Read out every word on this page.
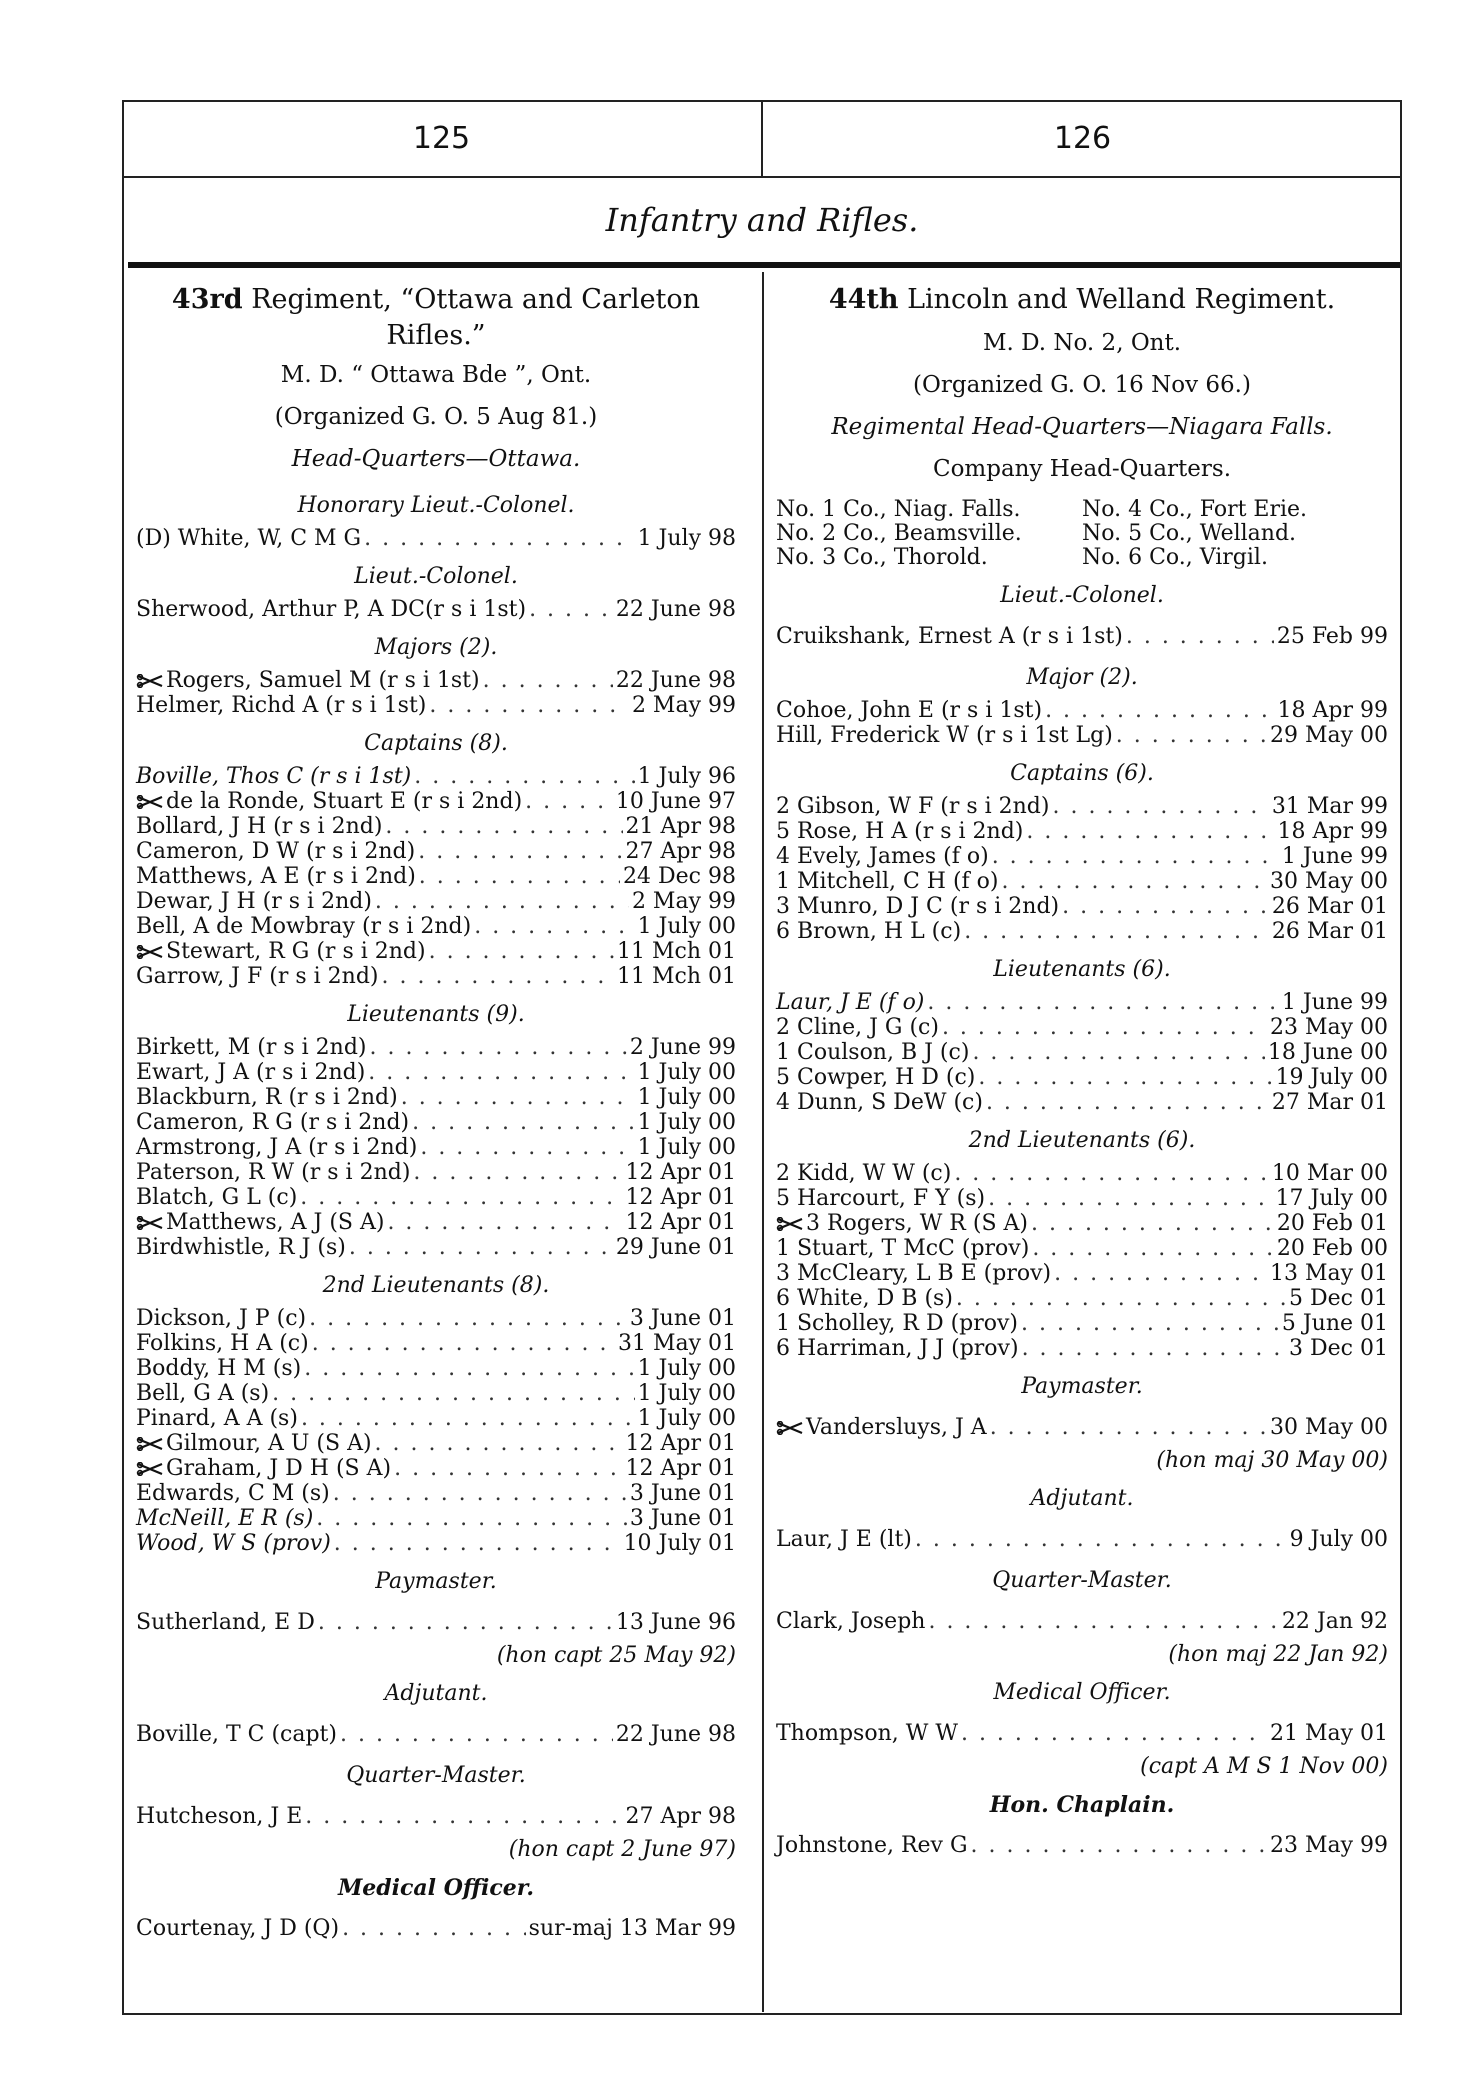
125	126
Infantry and Rifles.

43rd Regiment, “Ottawa and Carleton

Rifles.”

M. D. “ Ottawa Bde ”, Ont.
(Organized G. O. 5 Aug 81.)
Head-Quarters—Ottawa.
Honorary Lieut.-Colonel.
(D) White, W, C M G . . .	1 July 98
Lieut.-Colonel.
Sherwood, Arthur P, A DC(r s i 1st) . . .	22 June 98
Majors (2).
Rogers, Samuel M (r s i 1st) . . .	22 June 98
Helmer, Richd A (r s i 1st) . . .	2 May 99
Captains (8).
Boville, Thos C (r s i 1st) . . .	1 July 96
de la Ronde, Stuart E (r s i 2nd) . . .	10 June 97
Bollard, J H (r s i 2nd) . . .	21 Apr 98
Cameron, D W (r s i 2nd) . . .	27 Apr 98
Matthews, A E (r s i 2nd) . . .	24 Dec 98
Dewar, J H (r s i 2nd) . . .	2 May 99
Bell, A de Mowbray (r s i 2nd) . . .	1 July 00
Stewart, R G (r s i 2nd) . . .	11 Mch 01
Garrow, J F (r s i 2nd) . . .	11 Mch 01
Lieutenants (9).
Birkett, M (r s i 2nd) . . .	2 June 99
Ewart, J A (r s i 2nd) . . .	1 July 00
Blackburn, R (r s i 2nd) . . .	1 July 00
Cameron, R G (r s i 2nd) . . .	1 July 00
Armstrong, J A (r s i 2nd) . . .	1 July 00
Paterson, R W (r s i 2nd) . . .	12 Apr 01
Blatch, G L (c) . . .	12 Apr 01
Matthews, A J (S A) . . .	12 Apr 01
Birdwhistle, R J (s) . . .	29 June 01
2nd Lieutenants (8).
Dickson, J P (c) . . .	3 June 01
Folkins, H A (c) . . .	31 May 01
Boddy, H M (s) . . .	1 July 00
Bell, G A (s) . . .	1 July 00
Pinard, A A (s) . . .	1 July 00
Gilmour, A U (S A) . . .	12 Apr 01
Graham, J D H (S A) . . .	12 Apr 01
Edwards, C M (s) . . .	3 June 01
McNeill, E R (s) . . .	3 June 01
Wood, W S (prov) . . .	10 July 01
Paymaster.
Sutherland, E D . . .	13 June 96
(hon capt 25 May 92)
Adjutant.
Boville, T C (capt) . . .	22 June 98
Quarter-Master.
Hutcheson, J E . . .	27 Apr 98
(hon capt 2 June 97)
Medical Officer.
Courtenay, J D (Q) . . .	sur-maj 13 Mar 99

44th Lincoln and Welland Regiment.

M. D. No. 2, Ont.
(Organized G. O. 16 Nov 66.)
Regimental Head-Quarters—Niagara Falls.
Company Head-Quarters.
No. 1 Co., Niag. Falls.	No. 4 Co., Fort Erie.
No. 2 Co., Beamsville.	No. 5 Co., Welland.
No. 3 Co., Thorold.	No. 6 Co., Virgil.
Lieut.-Colonel.
Cruikshank, Ernest A (r s i 1st) . . .	25 Feb 99
Major (2).
Cohoe, John E (r s i 1st) . . .	18 Apr 99
Hill, Frederick W (r s i 1st Lg) . . .	29 May 00
Captains (6).
2 Gibson, W F (r s i 2nd) . . .	31 Mar 99
5 Rose, H A (r s i 2nd) . . .	18 Apr 99
4 Evely, James (f o) . . .	1 June 99
1 Mitchell, C H (f o) . . .	30 May 00
3 Munro, D J C (r s i 2nd) . . .	26 Mar 01
6 Brown, H L (c) . . .	26 Mar 01
Lieutenants (6).
Laur, J E (f o) . . .	1 June 99
2 Cline, J G (c) . . .	23 May 00
1 Coulson, B J (c) . . .	18 June 00
5 Cowper, H D (c) . . .	19 July 00
4 Dunn, S DeW (c) . . .	27 Mar 01
2nd Lieutenants (6).
2 Kidd, W W (c) . . .	10 Mar 00
5 Harcourt, F Y (s) . . .	17 July 00
3 Rogers, W R (S A) . . .	20 Feb 01
1 Stuart, T McC (prov) . . .	20 Feb 00
3 McCleary, L B E (prov) . . .	13 May 01
6 White, D B (s) . . .	5 Dec 01
1 Scholley, R D (prov) . . .	5 June 01
6 Harriman, J J (prov) . . .	3 Dec 01
Paymaster.
Vandersluys, J A . . .	30 May 00
(hon maj 30 May 00)
Adjutant.
Laur, J E (lt) . . .	9 July 00
Quarter-Master.
Clark, Joseph . . .	22 Jan 92
(hon maj 22 Jan 92)
Medical Officer.
Thompson, W W . . .	21 May 01
(capt A M S 1 Nov 00)
Hon. Chaplain.
Johnstone, Rev G . . .	23 May 99
